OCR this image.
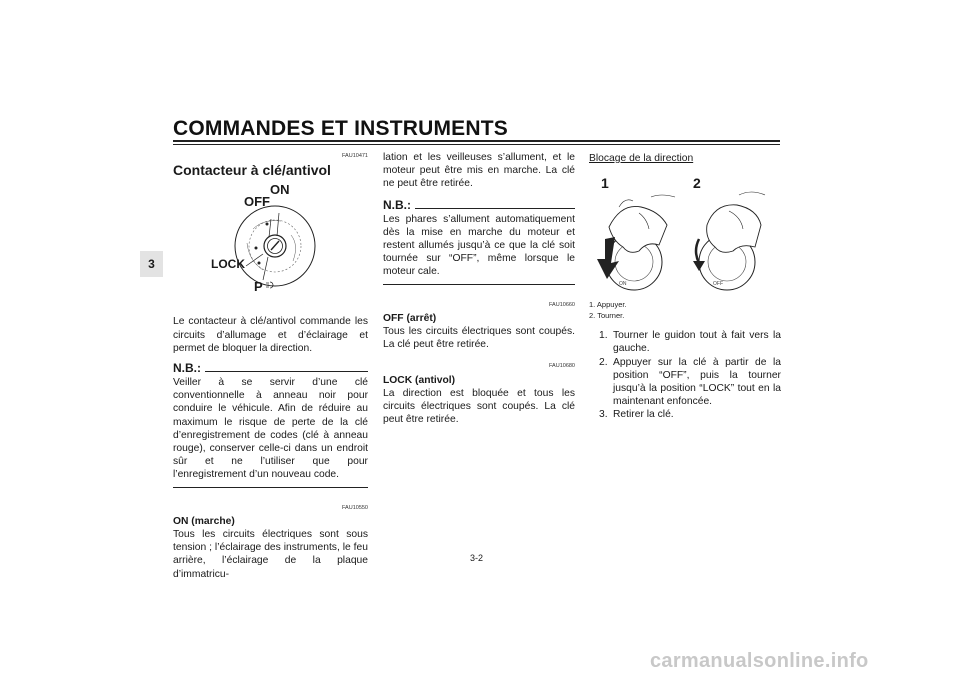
COMMANDES ET INSTRUMENTS
3
FAU10471
Contacteur à clé/antivol
ON
OFF
LOCK
P

Le contacteur à clé/antivol commande les circuits d’allumage et d’éclairage et permet de bloquer la direction.

N.B.:

Veiller à se servir d’une clé conventionnelle à anneau noir pour conduire le véhicule. Afin de réduire au maximum le risque de perte de la clé d’enregistrement de codes (clé à anneau rouge), conserver celle-ci dans un endroit sûr et ne l’utiliser que pour l’enregistrement d’un nouveau code.

FAU10550
ON (marche)

Tous les circuits électriques sont sous tension ; l’éclairage des instruments, le feu arrière, l’éclairage de la plaque d’immatricu-

lation et les veilleuses s’allument, et le moteur peut être mis en marche. La clé ne peut être retirée.

N.B.:

Les phares s’allument automatiquement dès la mise en marche du moteur et restent allumés jusqu’à ce que la clé soit tournée sur “OFF”, même lorsque le moteur cale.

FAU10660
OFF (arrêt)

Tous les circuits électriques sont coupés. La clé peut être retirée.

FAU10680
LOCK (antivol)

La direction est bloquée et tous les circuits électriques sont coupés. La clé peut être retirée.

Blocage de la direction
1	2
ON	OFF
1. Appuyer.
2. Tourner.
1. Tourner le guidon tout à fait vers la gauche.
2. Appuyer sur la clé à partir de la position “OFF”, puis la tourner jusqu’à la position “LOCK” tout en la maintenant enfoncée.
3. Retirer la clé.
3-2
carmanualsonline.info
